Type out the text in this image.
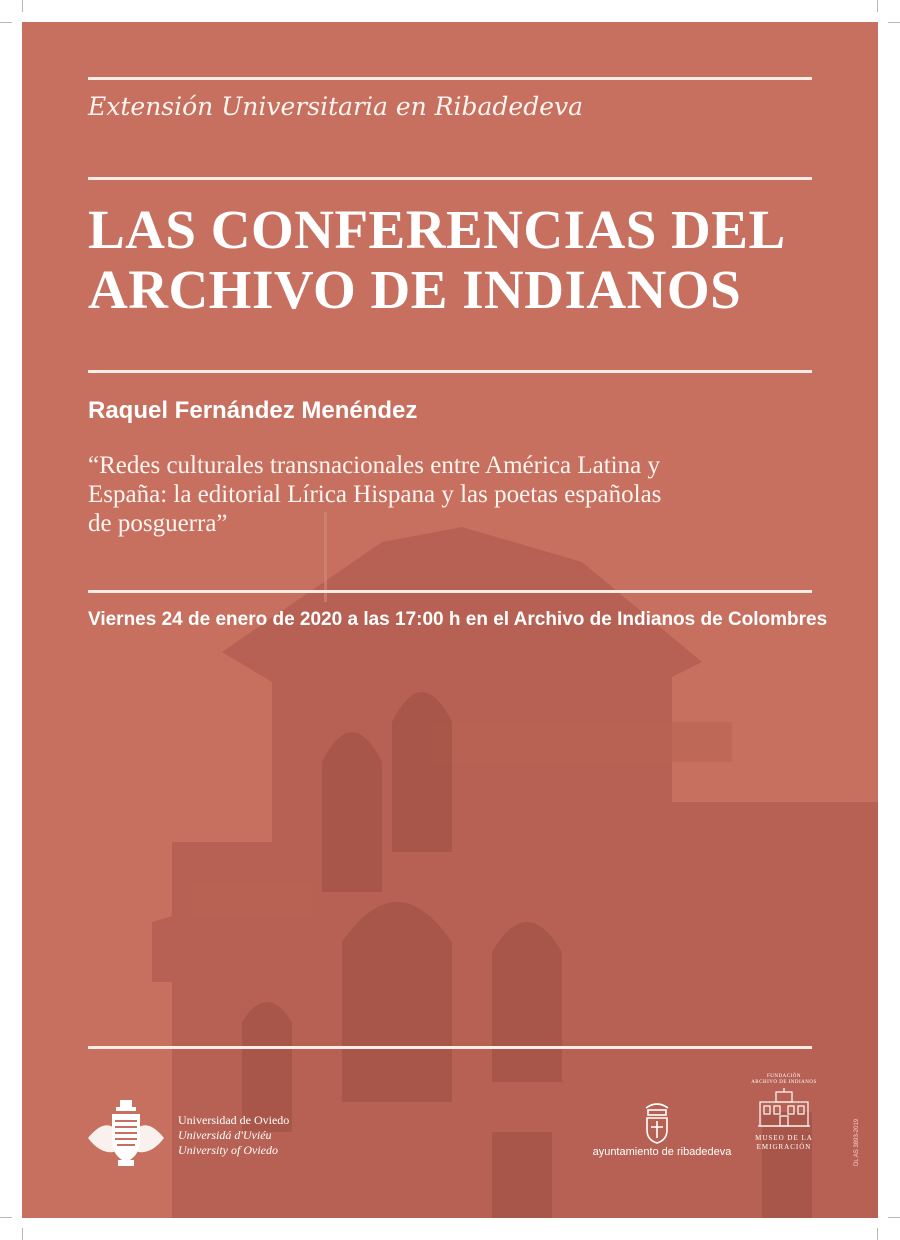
Extensión Universitaria en Ribadedeva
LAS CONFERENCIAS DEL
ARCHIVO DE INDIANOS
Raquel Fernández Menéndez
“Redes culturales transnacionales entre América Latina y
España: la editorial Lírica Hispana y las poetas españolas
de posguerra”
Viernes 24 de enero de 2020 a las 17:00 h en el Archivo de Indianos de Colombres
Universidad de Oviedo
Universidá d'Uviéu
University of Oviedo	ayuntamiento de ribadedeva
FUNDACIÓN
ARCHIVO DE INDIANOS
MUSEO DE LA
EMIGRACIÓN	DL AS 3893-2019
